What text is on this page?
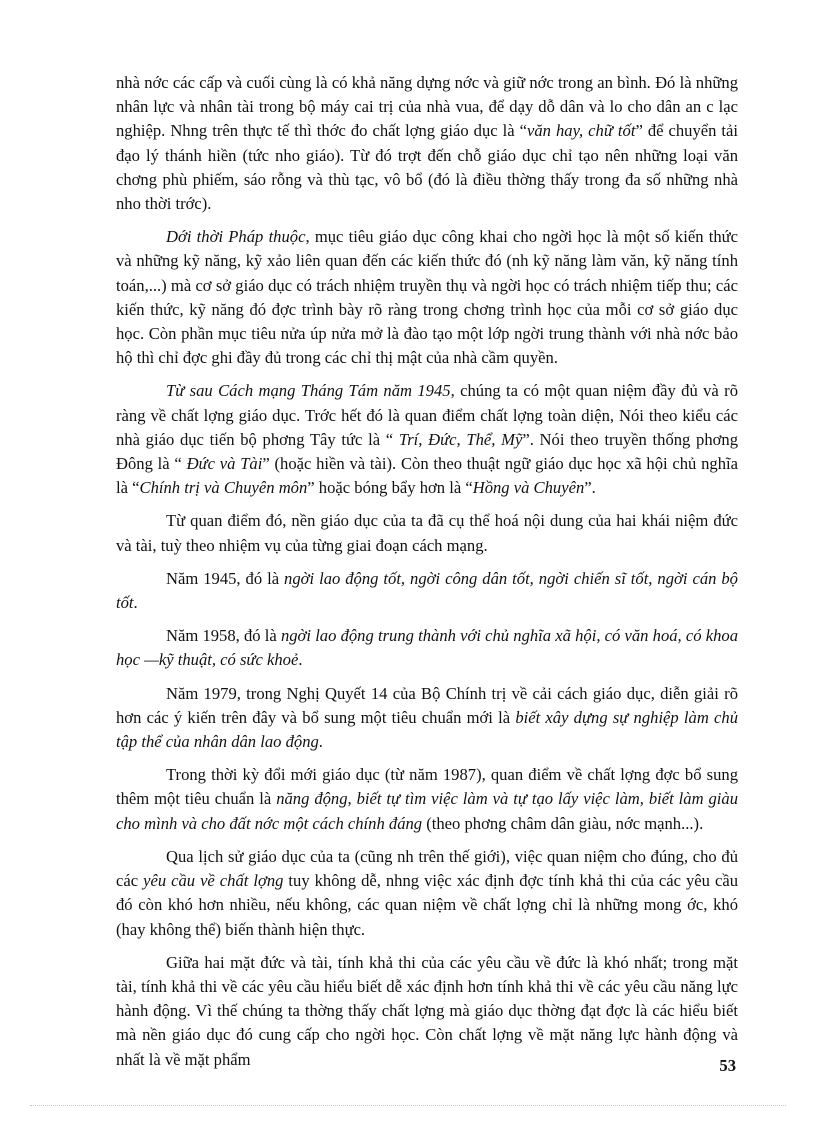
nhà nớc các cấp và cuối cùng là có khả năng dựng nớc và giữ nớc trong an bình. Đó là những nhân lực và nhân tài trong bộ máy cai trị của nhà vua, để dạy dỗ dân và lo cho dân an c lạc nghiệp. Nhng trên thực tế thì thớc đo chất lợng giáo dục là “văn hay, chữ tốt” để chuyển tải đạo lý thánh hiền (tức nho giáo). Từ đó trợt đến chỗ giáo dục chỉ tạo nên những loại văn chơng phù phiếm, sáo rỗng và thù tạc, vô bổ (đó là điều thờng thấy trong đa số những nhà nho thời trớc).

Dới thời Pháp thuộc, mục tiêu giáo dục công khai cho ngời học là một số kiến thức và những kỹ năng, kỹ xảo liên quan đến các kiến thức đó (nh kỹ năng làm văn, kỹ năng tính toán,...) mà cơ sở giáo dục có trách nhiệm truyền thụ và ngời học có trách nhiệm tiếp thu; các kiến thức, kỹ năng đó đợc trình bày rõ ràng trong chơng trình học của mỗi cơ sở giáo dục học. Còn phần mục tiêu nửa úp nửa mở là đào tạo một lớp ngời trung thành với nhà nớc bảo hộ thì chỉ đợc ghi đầy đủ trong các chỉ thị mật của nhà cầm quyền.

Từ sau Cách mạng Tháng Tám năm 1945, chúng ta có một quan niệm đầy đủ và rõ ràng về chất lợng giáo dục. Trớc hết đó là quan điểm chất lợng toàn diện, Nói theo kiểu các nhà giáo dục tiến bộ phơng Tây tức là “ Trí, Đức, Thể, Mỹ”. Nói theo truyền thống phơng Đông là “ Đức và Tài” (hoặc hiền và tài). Còn theo thuật ngữ giáo dục học xã hội chủ nghĩa là “Chính trị và Chuyên môn” hoặc bóng bẩy hơn là “Hồng và Chuyên”.

Từ quan điểm đó, nền giáo dục của ta đã cụ thể hoá nội dung của hai khái niệm đức và tài, tuỳ theo nhiệm vụ của từng giai đoạn cách mạng.

Năm 1945, đó là ngời lao động tốt, ngời công dân tốt, ngời chiến sĩ tốt, ngời cán bộ tốt.

Năm 1958, đó là ngời lao động trung thành với chủ nghĩa xã hội, có văn hoá, có khoa học —kỹ thuật, có sức khoẻ.

Năm 1979, trong Nghị Quyết 14 của Bộ Chính trị về cải cách giáo dục, diễn giải rõ hơn các ý kiến trên đây và bổ sung một tiêu chuẩn mới là biết xây dựng sự nghiệp làm chủ tập thể của nhân dân lao động.

Trong thời kỳ đổi mới giáo dục (từ năm 1987), quan điểm về chất lợng đợc bổ sung thêm một tiêu chuẩn là năng động, biết tự tìm việc làm và tự tạo lấy việc làm, biết làm giàu cho mình và cho đất nớc một cách chính đáng (theo phơng châm dân giàu, nớc mạnh...).

Qua lịch sử giáo dục của ta (cũng nh trên thế giới), việc quan niệm cho đúng, cho đủ các yêu cầu về chất lợng tuy không dễ, nhng việc xác định đợc tính khả thi của các yêu cầu đó còn khó hơn nhiều, nếu không, các quan niệm về chất lợng chỉ là những mong ớc, khó (hay không thể) biến thành hiện thực.

Giữa hai mặt đức và tài, tính khả thi của các yêu cầu về đức là khó nhất; trong mặt tài, tính khả thi về các yêu cầu hiểu biết dễ xác định hơn tính khả thi về các yêu cầu năng lực hành động. Vì thế chúng ta thờng thấy chất lợng mà giáo dục thờng đạt đợc là các hiểu biết mà nền giáo dục đó cung cấp cho ngời học. Còn chất lợng về mặt năng lực hành động và nhất là về mặt phẩm	53
